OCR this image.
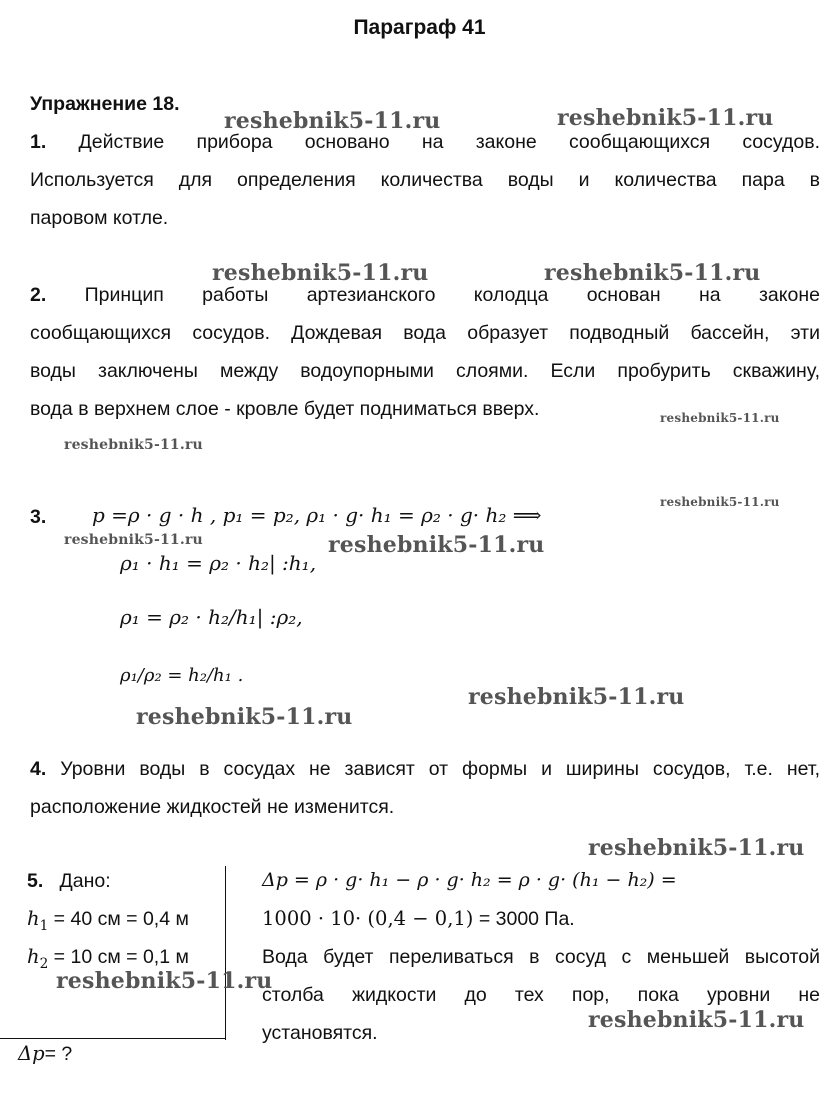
Параграф 41
Упражнение 18.
1. Действие прибора основано на законе сообщающихся сосудов.
Используется для определения количества воды и количества пара в
паровом котле.
2. Принцип работы артезианского колодца основан на законе
сообщающихся сосудов. Дождевая вода образует подводный бассейн, эти
воды заключены между водоупорными слоями. Если пробурить скважину,
вода в верхнем слое - кровле будет подниматься вверх.
3. p =ρ · g · h , p₁ = p₂, ρ₁ · g· h₁ = ρ₂ · g· h₂ ⟹
ρ₁ · h₁ = ρ₂ · h₂| :h₁,
ρ₁ = ρ₂ · h₂/h₁| :ρ₂,
ρ₁/ρ₂ = h₂/h₁ .
4. Уровни воды в сосудах не зависят от формы и ширины сосудов, т.е. нет,
расположение жидкостей не изменится.
5. Дано:
$h_1 = 40$ см = 0,4 м
$h_2 = 10$ см = 0,1 м
Δp= ?
Δp = ρ · g· h₁ − ρ · g· h₂ = ρ · g· (h₁ − h₂) =
1000 · 10· (0,4 − 0,1) = 3000 Па.
Вода будет переливаться в сосуд с меньшей высотой
столба жидкости до тех пор, пока уровни не
установятся.
reshebnik5-11.ru	reshebnik5-11.ru
reshebnik5-11.ru	reshebnik5-11.ru
reshebnik5-11.ru
reshebnik5-11.ru
reshebnik5-11.ru
reshebnik5-11.ru	reshebnik5-11.ru
reshebnik5-11.ru
reshebnik5-11.ru
reshebnik5-11.ru
reshebnik5-11.ru
reshebnik5-11.ru
